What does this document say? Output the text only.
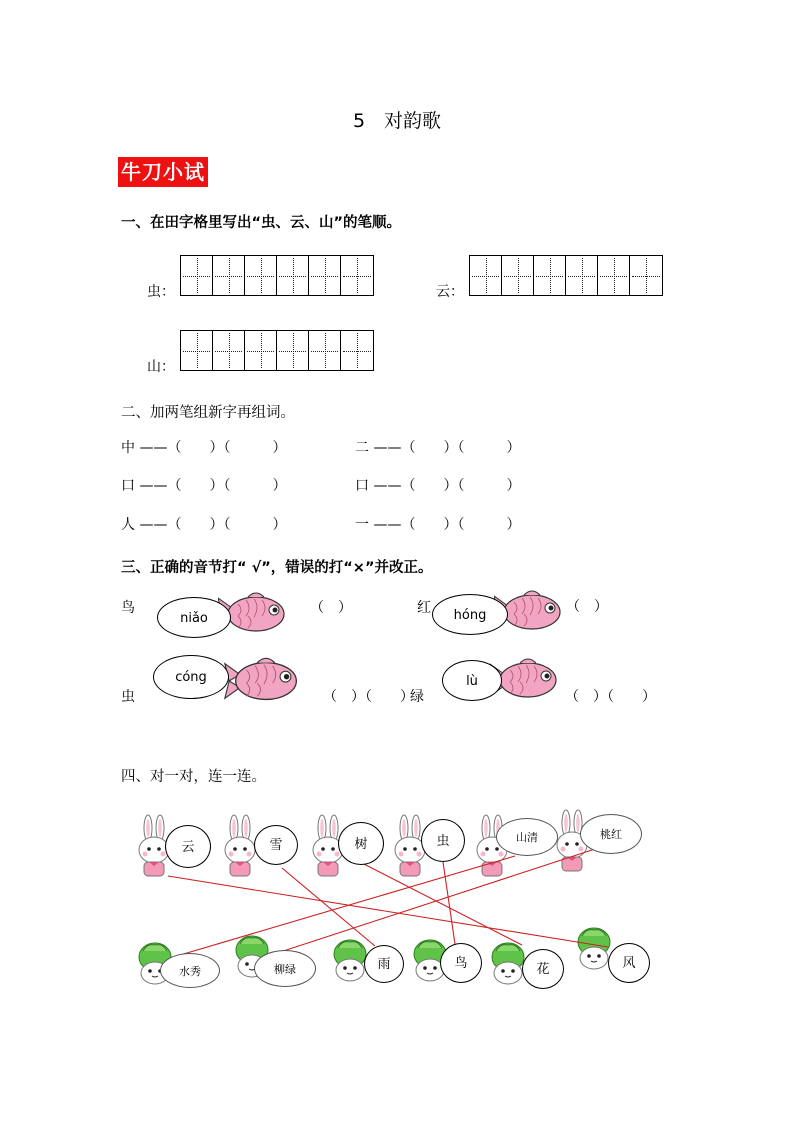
5　对韵歌
牛刀小试
一、在田字格里写出“虫、云、山”的笔顺。
虫：	云：
山：
二、加两笔组新字再组词。
中 ——（　　）（　　　）	二 ——（　　）（　　　）
口 ——（　　）（　　　）	口 ——（　　）（　　　）
人 ——（　　）（　　　）	一 ——（　　）（　　　）
三、正确的音节打“ √”，错误的打“×”并改正。
鸟
niǎo
（　）	红	hóng
（　）
虫
cóng
（　）（　　）
绿
lù
（　）（　　）
四、对一对，连一连。
云	雪	树	虫	山清	桃红
水秀	柳绿	雨	鸟	花	风
